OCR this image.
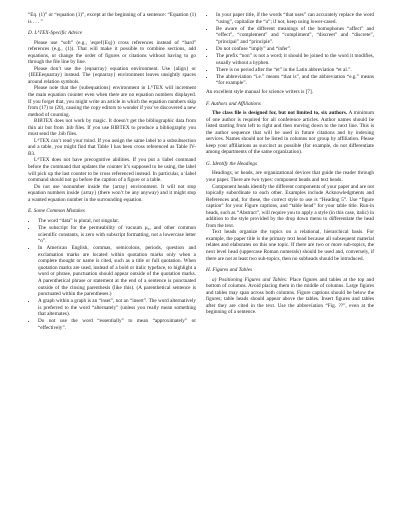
“Eq. (1)” or “equation (1)”, except at the beginning of a sentence: “Equation (1) is . . . ”

D. LᴬTEX-Specific Advice

Please use “soft” (e.g., \eqref{Eq}) cross references instead of “hard” references (e.g., (1)). That will make it possible to combine sections, add equations, or change the order of figures or citations without having to go through the file line by line.

Please don’t use the {eqnarray} equation environment. Use {align} or {IEEEeqnarray} instead. The {eqnarray} environment leaves unsightly spaces around relation symbols.

Please note that the {subequations} environment in LᴬTEX will increment the main equation counter even when there are no equation numbers displayed. If you forget that, you might write an article in which the equation numbers skip from (17) to (20), causing the copy editors to wonder if you’ve discovered a new method of counting.

BIBTEX does not work by magic. It doesn’t get the bibliographic data from thin air but from .bib files. If you use BIBTEX to produce a bibliography you must send the .bib files.

LᴬTEX can’t read your mind. If you assign the same label to a subsubsection and a table, you might find that Table I has been cross referenced as Table IV-B3.

LᴬTEX does not have precognitive abilities. If you put a \label command before the command that updates the counter it’s supposed to be using, the label will pick up the last counter to be cross referenced instead. In particular, a \label command should not go before the caption of a figure or a table.

Do not use \nonumber inside the {array} environment. It will not stop equation numbers inside {array} (there won’t be any anyway) and it might stop a wanted equation number in the surrounding equation.

E. Some Common Mistakes

• The word “data” is plural, not singular.
• The subscript for the permeability of vacuum μ₀, and other common scientific constants, is zero with subscript formatting, not a lowercase letter “o”.
• In American English, commas, semicolons, periods, question and exclamation marks are located within quotation marks only when a complete thought or name is cited, such as a title or full quotation. When quotation marks are used, instead of a bold or italic typeface, to highlight a word or phrase, punctuation should appear outside of the quotation marks. A parenthetical phrase or statement at the end of a sentence is punctuated outside of the closing parenthesis (like this). (A parenthetical sentence is punctuated within the parentheses.)
• A graph within a graph is an “inset”, not an “insert”. The word alternatively is preferred to the word “alternately” (unless you really mean something that alternates).
• Do not use the word “essentially” to mean “approximately” or “effectively”.
• In your paper title, if the words “that uses” can accurately replace the word “using”, capitalize the “u”; if not, keep using lower-cased.
• Be aware of the different meanings of the homophones “affect” and “effect”, “complement” and “compliment”, “discreet” and “discrete”, “principal” and “principle”.
• Do not confuse “imply” and “infer”.
• The prefix “non” is not a word; it should be joined to the word it modifies, usually without a hyphen.
• There is no period after the “et” in the Latin abbreviation “et al.”.
• The abbreviation “i.e.” means “that is”, and the abbreviation “e.g.” means “for example”.

An excellent style manual for science writers is [7].

F. Authors and Affiliations

The class file is designed for, but not limited to, six authors. A minimum of one author is required for all conference articles. Author names should be listed starting from left to right and then moving down to the next line. This is the author sequence that will be used in future citations and by indexing services. Names should not be listed in columns nor group by affiliation. Please keep your affiliations as succinct as possible (for example, do not differentiate among departments of the same organization).

G. Identify the Headings

Headings, or heads, are organizational devices that guide the reader through your paper. There are two types: component heads and text heads.

Component heads identify the different components of your paper and are not topically subordinate to each other. Examples include Acknowledgments and References and, for these, the correct style to use is “Heading 5”. Use “figure caption” for your Figure captions, and “table head” for your table title. Run-in heads, such as “Abstract”, will require you to apply a style (in this case, italic) in addition to the style provided by the drop down menu to differentiate the head from the text.

Text heads organize the topics on a relational, hierarchical basis. For example, the paper title is the primary text head because all subsequent material relates and elaborates on this one topic. If there are two or more sub-topics, the next level head (uppercase Roman numerals) should be used and, conversely, if there are not at least two sub-topics, then no subheads should be introduced.

H. Figures and Tables

a) Positioning Figures and Tables: Place figures and tables at the top and bottom of columns. Avoid placing them in the middle of columns. Large figures and tables may span across both columns. Figure captions should be below the figures; table heads should appear above the tables. Insert figures and tables after they are cited in the text. Use the abbreviation “Fig. ??”, even at the beginning of a sentence.
